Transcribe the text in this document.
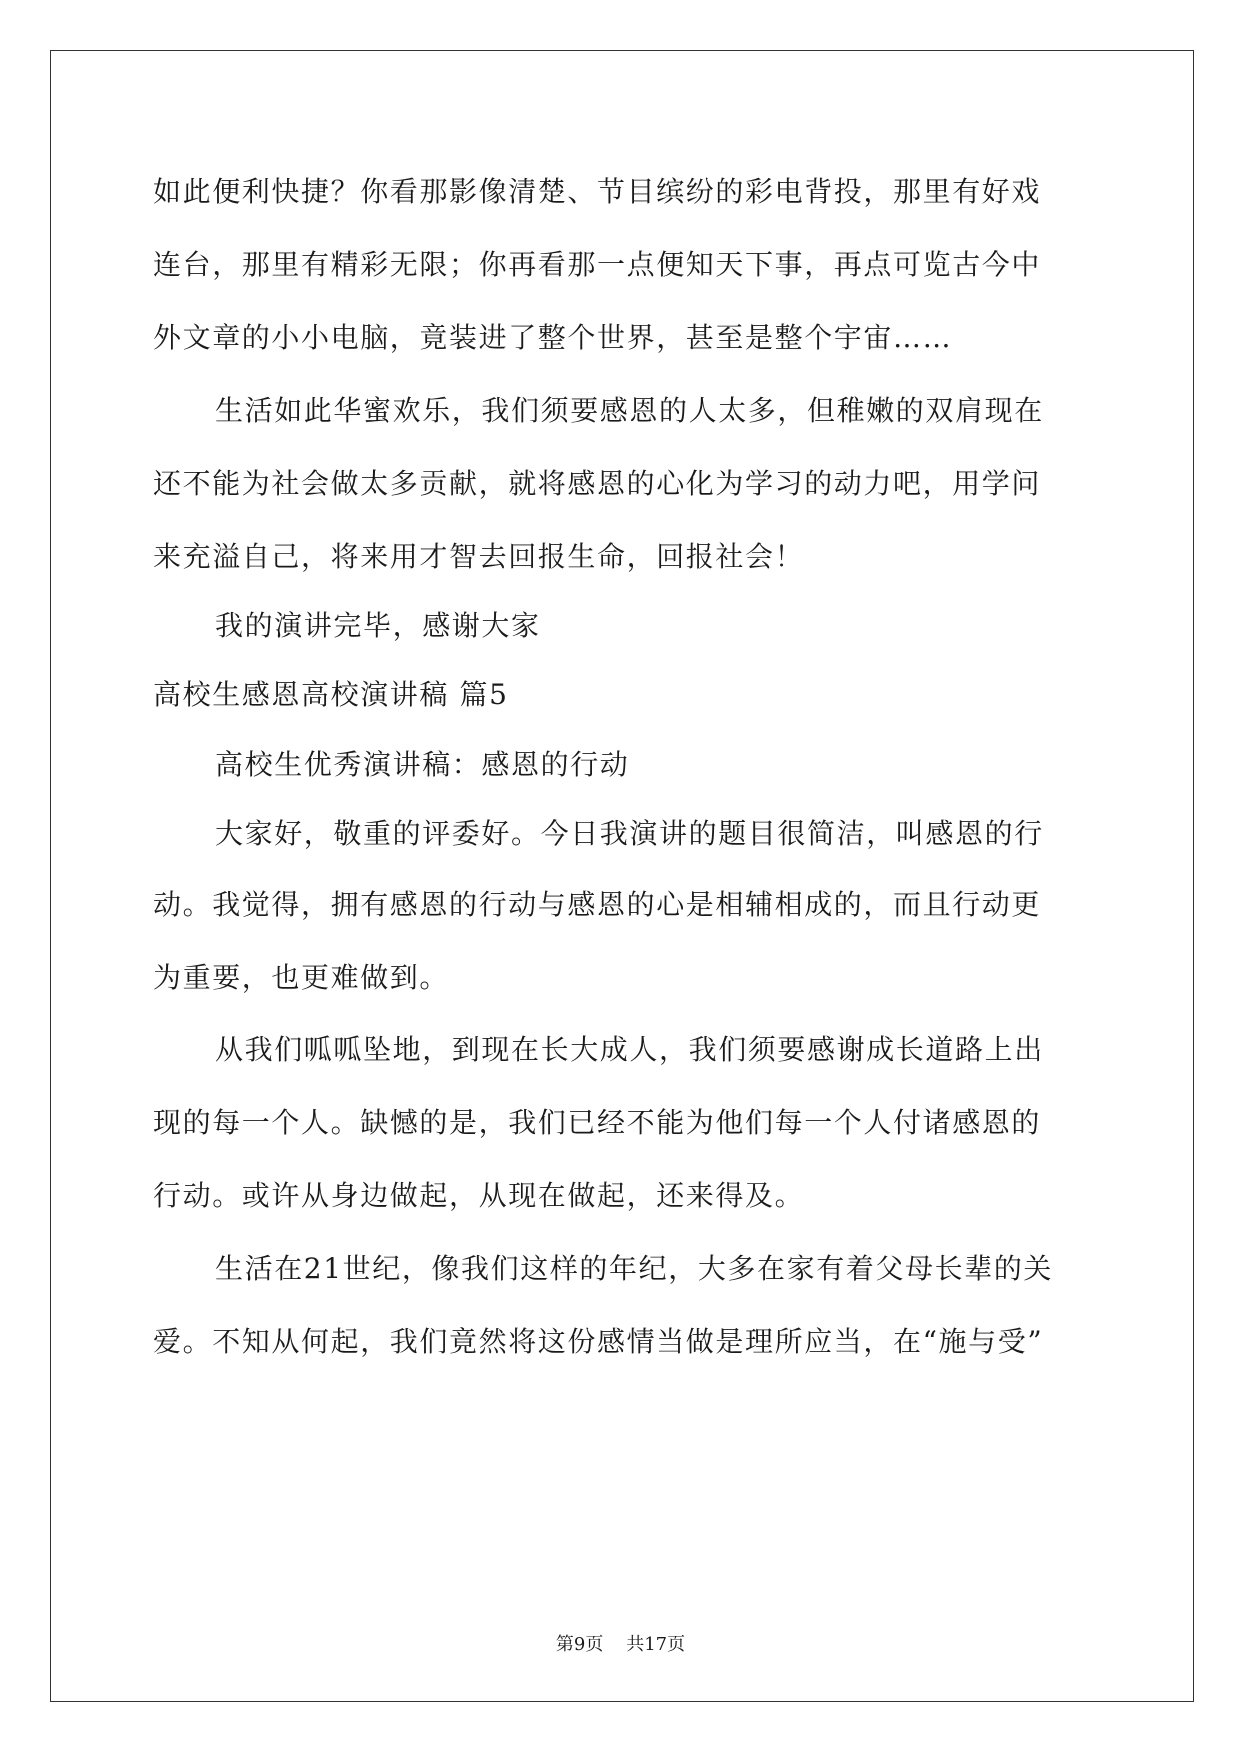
如此便利快捷？你看那影像清楚、节目缤纷的彩电背投，那里有好戏
连台，那里有精彩无限；你再看那一点便知天下事，再点可览古今中
外文章的小小电脑，竟装进了整个世界，甚至是整个宇宙……
生活如此华蜜欢乐，我们须要感恩的人太多，但稚嫩的双肩现在
还不能为社会做太多贡献，就将感恩的心化为学习的动力吧，用学问
来充溢自己，将来用才智去回报生命，回报社会！
我的演讲完毕，感谢大家
高校生感恩高校演讲稿 篇5
高校生优秀演讲稿：感恩的行动
大家好，敬重的评委好。今日我演讲的题目很简洁，叫感恩的行
动。我觉得，拥有感恩的行动与感恩的心是相辅相成的，而且行动更
为重要，也更难做到。
从我们呱呱坠地，到现在长大成人，我们须要感谢成长道路上出
现的每一个人。缺憾的是，我们已经不能为他们每一个人付诸感恩的
行动。或许从身边做起，从现在做起，还来得及。
生活在21世纪，像我们这样的年纪，大多在家有着父母长辈的关
爱。不知从何起，我们竟然将这份感情当做是理所应当，在“施与受”
第9页    共17页
